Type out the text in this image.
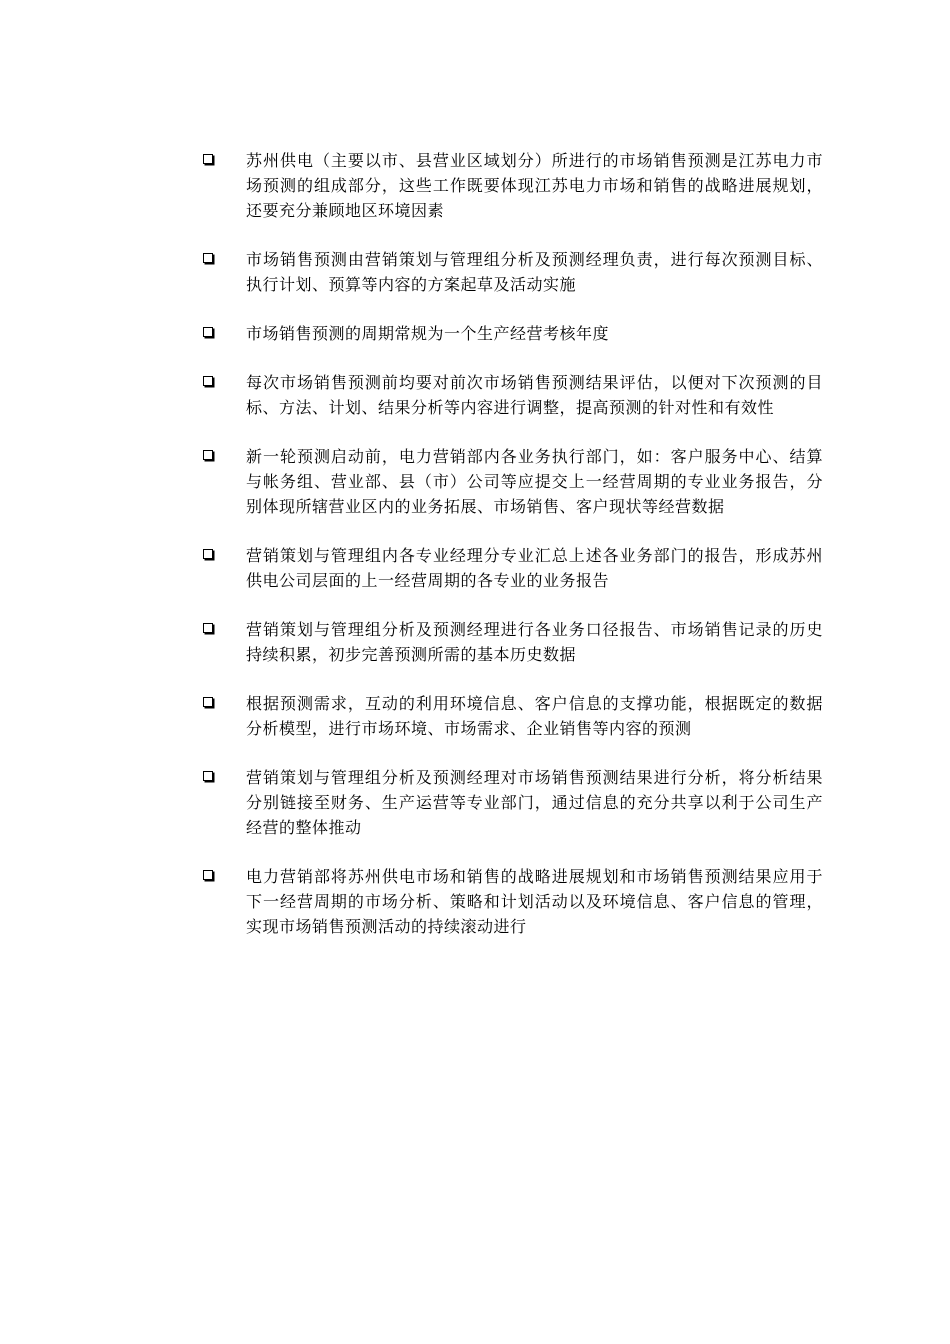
苏州供电（主要以市、县营业区域划分）所进行的市场销售预测是江苏电力市场预测的组成部分，这些工作既要体现江苏电力市场和销售的战略进展规划，还要充分兼顾地区环境因素
市场销售预测由营销策划与管理组分析及预测经理负责，进行每次预测目标、执行计划、预算等内容的方案起草及活动实施
市场销售预测的周期常规为一个生产经营考核年度
每次市场销售预测前均要对前次市场销售预测结果评估，以便对下次预测的目标、方法、计划、结果分析等内容进行调整，提高预测的针对性和有效性
新一轮预测启动前，电力营销部内各业务执行部门，如：客户服务中心、结算与帐务组、营业部、县（市）公司等应提交上一经营周期的专业业务报告，分别体现所辖营业区内的业务拓展、市场销售、客户现状等经营数据
营销策划与管理组内各专业经理分专业汇总上述各业务部门的报告，形成苏州供电公司层面的上一经营周期的各专业的业务报告
营销策划与管理组分析及预测经理进行各业务口径报告、市场销售记录的历史持续积累，初步完善预测所需的基本历史数据
根据预测需求，互动的利用环境信息、客户信息的支撑功能，根据既定的数据分析模型，进行市场环境、市场需求、企业销售等内容的预测
营销策划与管理组分析及预测经理对市场销售预测结果进行分析，将分析结果分别链接至财务、生产运营等专业部门，通过信息的充分共享以利于公司生产经营的整体推动
电力营销部将苏州供电市场和销售的战略进展规划和市场销售预测结果应用于下一经营周期的市场分析、策略和计划活动以及环境信息、客户信息的管理，实现市场销售预测活动的持续滚动进行
